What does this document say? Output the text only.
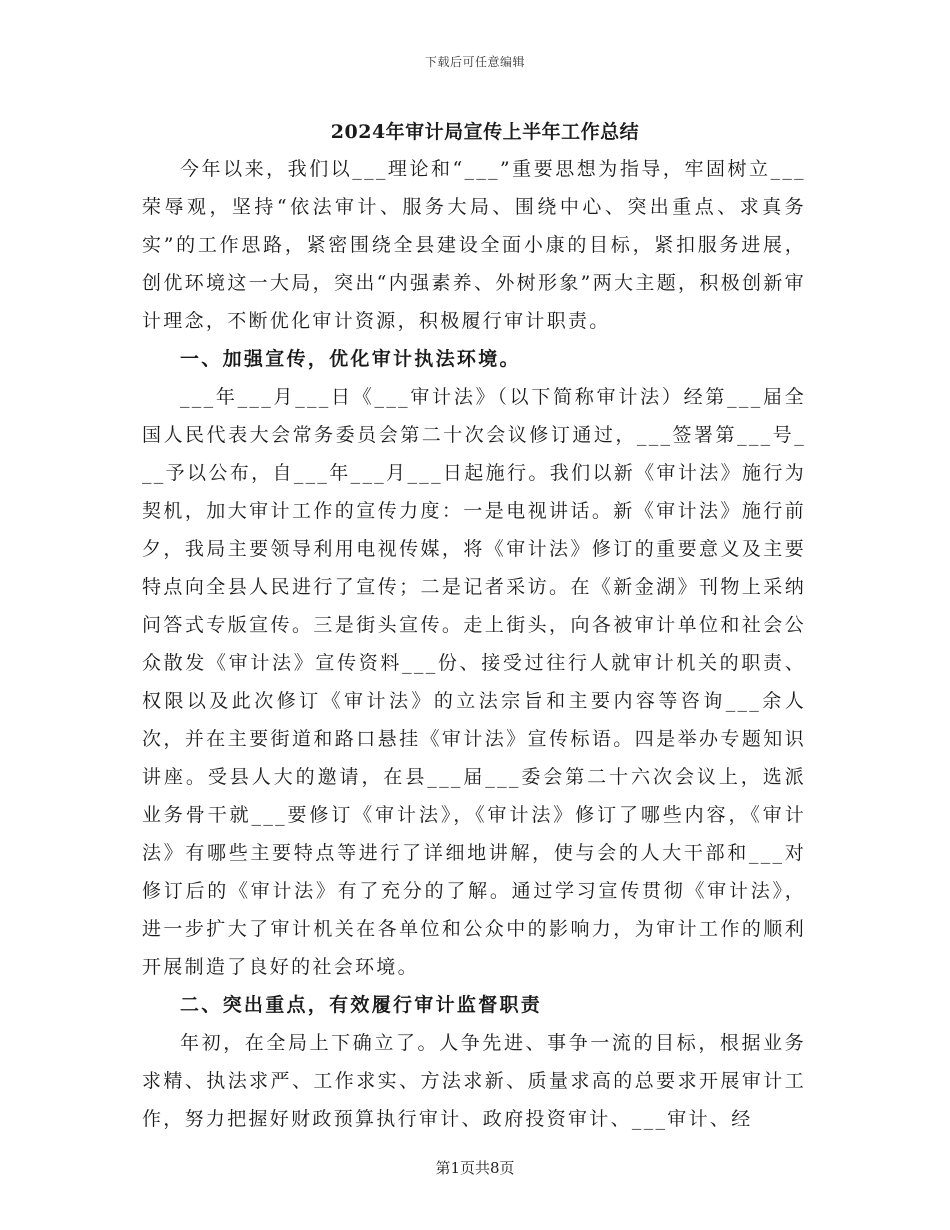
下载后可任意编辑
2024年审计局宣传上半年工作总结

今年以来，我们以___理论和“___”重要思想为指导，牢固树立___荣辱观，坚持“依法审计、服务大局、围绕中心、突出重点、求真务实”的工作思路，紧密围绕全县建设全面小康的目标，紧扣服务进展，创优环境这一大局，突出“内强素养、外树形象”两大主题，积极创新审计理念，不断优化审计资源，积极履行审计职责。

一、加强宣传，优化审计执法环境。

___年___月___日《___审计法》（以下简称审计法）经第___届全国人民代表大会常务委员会第二十次会议修订通过，___签署第___号___予以公布，自___年___月___日起施行。我们以新《审计法》施行为契机，加大审计工作的宣传力度：一是电视讲话。新《审计法》施行前夕，我局主要领导利用电视传媒，将《审计法》修订的重要意义及主要特点向全县人民进行了宣传；二是记者采访。在《新金湖》刊物上采纳问答式专版宣传。三是街头宣传。走上街头，向各被审计单位和社会公众散发《审计法》宣传资料___份、接受过往行人就审计机关的职责、权限以及此次修订《审计法》的立法宗旨和主要内容等咨询___余人次，并在主要街道和路口悬挂《审计法》宣传标语。四是举办专题知识讲座。受县人大的邀请，在县___届___委会第二十六次会议上，选派业务骨干就___要修订《审计法》，《审计法》修订了哪些内容，《审计法》有哪些主要特点等进行了详细地讲解，使与会的人大干部和___对修订后的《审计法》有了充分的了解。通过学习宣传贯彻《审计法》，进一步扩大了审计机关在各单位和公众中的影响力，为审计工作的顺利开展制造了良好的社会环境。

二、突出重点，有效履行审计监督职责

年初，在全局上下确立了。人争先进、事争一流的目标，根据业务求精、执法求严、工作求实、方法求新、质量求高的总要求开展审计工作，努力把握好财政预算执行审计、政府投资审计、___审计、经

第1页共8页
